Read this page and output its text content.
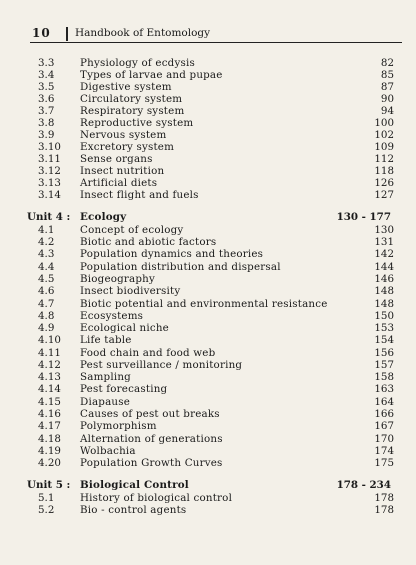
10 Handbook of Entomology
3.3	Physiology of ecdysis	82
3.4	Types of larvae and pupae	85
3.5	Digestive system	87
3.6	Circulatory system	90
3.7	Respiratory system	94
3.8	Reproductive system	100
3.9	Nervous system	102
3.10	Excretory system	109
3.11	Sense organs	112
3.12	Insect nutrition	118
3.13	Artificial diets	126
3.14	Insect flight and fuels	127
Unit 4 : Ecology	130 - 177
4.1	Concept of ecology	130
4.2	Biotic and abiotic factors	131
4.3	Population dynamics and theories	142
4.4	Population distribution and dispersal	144
4.5	Biogeography	146
4.6	Insect biodiversity	148
4.7	Biotic potential and environmental resistance	148
4.8	Ecosystems	150
4.9	Ecological niche	153
4.10	Life table	154
4.11	Food chain and food web	156
4.12	Pest surveillance / monitoring	157
4.13	Sampling	158
4.14	Pest forecasting	163
4.15	Diapause	164
4.16	Causes of pest out breaks	166
4.17	Polymorphism	167
4.18	Alternation of generations	170
4.19	Wolbachia	174
4.20	Population Growth Curves	175
Unit 5 : Biological Control	178 - 234
5.1	History of biological control	178
5.2	Bio - control agents	178
